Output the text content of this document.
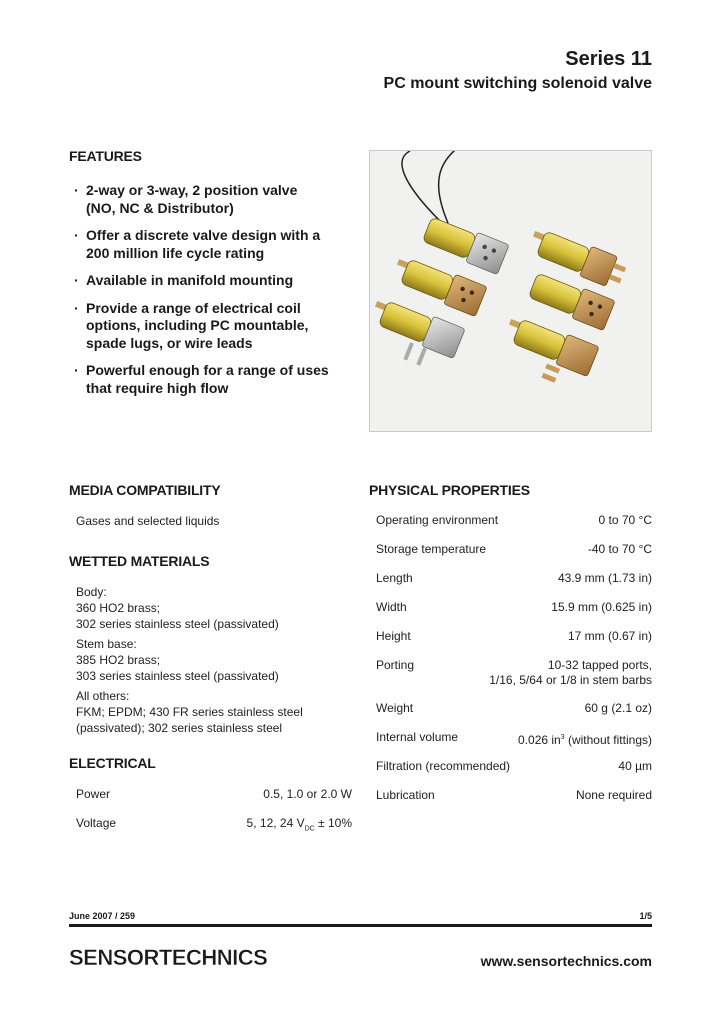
Series 11
PC mount switching solenoid valve
FEATURES
· 2-way or 3-way, 2 position valve
(NO, NC & Distributor)
· Offer a discrete valve design with a
200 million life cycle rating
· Available in manifold mounting
· Provide a range of electrical coil
options, including PC mountable,
spade lugs, or wire leads
· Powerful enough for a range of uses
that require high flow
MEDIA COMPATIBILITY
Gases and selected liquids
WETTED MATERIALS
Body:
360 HO2 brass;
302 series stainless steel (passivated)
Stem base:
385 HO2 brass;
303 series stainless steel (passivated)
All others:
FKM; EPDM; 430 FR series stainless steel
(passivated); 302 series stainless steel
ELECTRICAL
Power	0.5, 1.0 or 2.0 W
Voltage	5, 12, 24 $V_{DC} \pm 10\%$
PHYSICAL PROPERTIES
Operating environment	0 to 70 °C
Storage temperature	-40 to 70 °C
Length	43.9 mm (1.73 in)
Width	15.9 mm (0.625 in)
Height	17 mm (0.67 in)
Porting	10-32 tapped ports,
1/16, 5/64 or 1/8 in stem barbs
Weight	60 g (2.1 oz)
Internal volume	0.026 $in^3$ (without fittings)
Filtration (recommended)	40 µm
Lubrication	None required
June 2007 / 259	1/5
SENSORTECHNICS	www.sensortechnics.com
